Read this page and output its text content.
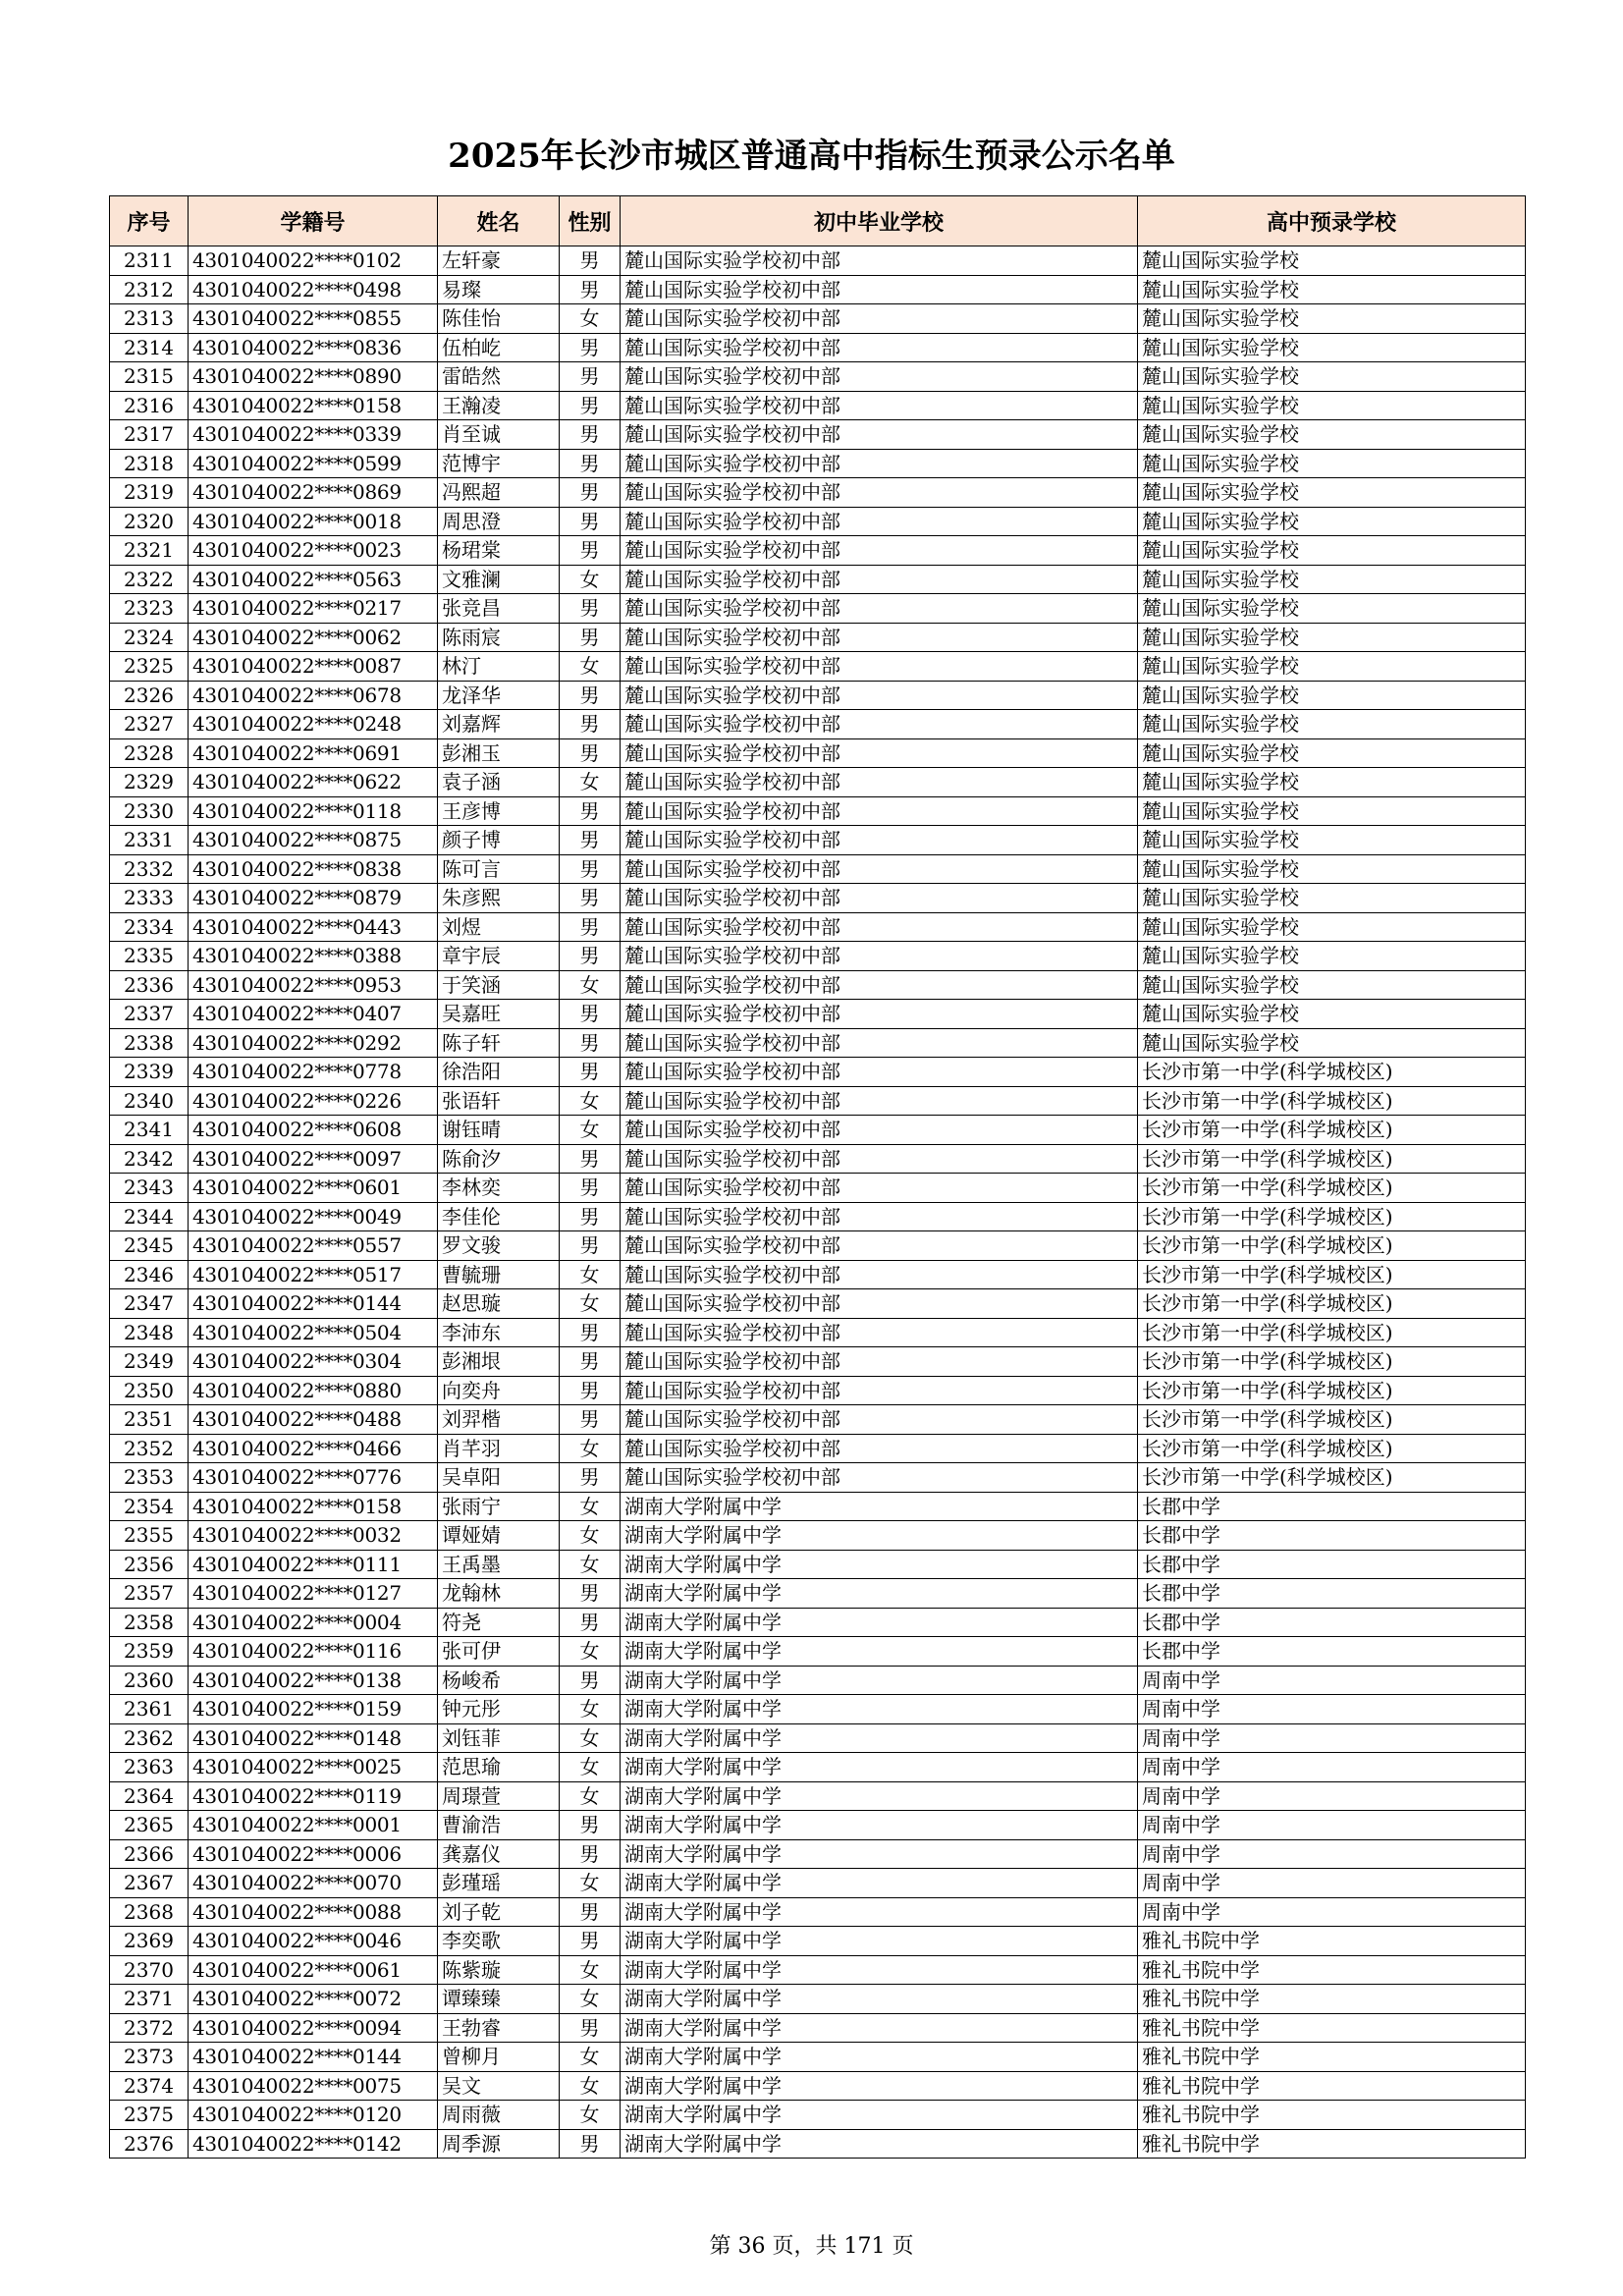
2025年长沙市城区普通高中指标生预录公示名单
序号	学籍号	姓名	性别	初中毕业学校	高中预录学校
2311	4301040022****0102	左轩豪	男	麓山国际实验学校初中部	麓山国际实验学校
2312	4301040022****0498	易璨	男	麓山国际实验学校初中部	麓山国际实验学校
2313	4301040022****0855	陈佳怡	女	麓山国际实验学校初中部	麓山国际实验学校
2314	4301040022****0836	伍柏屹	男	麓山国际实验学校初中部	麓山国际实验学校
2315	4301040022****0890	雷皓然	男	麓山国际实验学校初中部	麓山国际实验学校
2316	4301040022****0158	王瀚凌	男	麓山国际实验学校初中部	麓山国际实验学校
2317	4301040022****0339	肖至诚	男	麓山国际实验学校初中部	麓山国际实验学校
2318	4301040022****0599	范博宇	男	麓山国际实验学校初中部	麓山国际实验学校
2319	4301040022****0869	冯熙超	男	麓山国际实验学校初中部	麓山国际实验学校
2320	4301040022****0018	周思澄	男	麓山国际实验学校初中部	麓山国际实验学校
2321	4301040022****0023	杨珺棠	男	麓山国际实验学校初中部	麓山国际实验学校
2322	4301040022****0563	文雅澜	女	麓山国际实验学校初中部	麓山国际实验学校
2323	4301040022****0217	张竞昌	男	麓山国际实验学校初中部	麓山国际实验学校
2324	4301040022****0062	陈雨宸	男	麓山国际实验学校初中部	麓山国际实验学校
2325	4301040022****0087	林汀	女	麓山国际实验学校初中部	麓山国际实验学校
2326	4301040022****0678	龙泽华	男	麓山国际实验学校初中部	麓山国际实验学校
2327	4301040022****0248	刘嘉辉	男	麓山国际实验学校初中部	麓山国际实验学校
2328	4301040022****0691	彭湘玉	男	麓山国际实验学校初中部	麓山国际实验学校
2329	4301040022****0622	袁子涵	女	麓山国际实验学校初中部	麓山国际实验学校
2330	4301040022****0118	王彦博	男	麓山国际实验学校初中部	麓山国际实验学校
2331	4301040022****0875	颜子博	男	麓山国际实验学校初中部	麓山国际实验学校
2332	4301040022****0838	陈可言	男	麓山国际实验学校初中部	麓山国际实验学校
2333	4301040022****0879	朱彦熙	男	麓山国际实验学校初中部	麓山国际实验学校
2334	4301040022****0443	刘煜	男	麓山国际实验学校初中部	麓山国际实验学校
2335	4301040022****0388	章宇辰	男	麓山国际实验学校初中部	麓山国际实验学校
2336	4301040022****0953	于笑涵	女	麓山国际实验学校初中部	麓山国际实验学校
2337	4301040022****0407	吴嘉旺	男	麓山国际实验学校初中部	麓山国际实验学校
2338	4301040022****0292	陈子轩	男	麓山国际实验学校初中部	麓山国际实验学校
2339	4301040022****0778	徐浩阳	男	麓山国际实验学校初中部	长沙市第一中学(科学城校区)
2340	4301040022****0226	张语轩	女	麓山国际实验学校初中部	长沙市第一中学(科学城校区)
2341	4301040022****0608	谢钰晴	女	麓山国际实验学校初中部	长沙市第一中学(科学城校区)
2342	4301040022****0097	陈俞汐	男	麓山国际实验学校初中部	长沙市第一中学(科学城校区)
2343	4301040022****0601	李林奕	男	麓山国际实验学校初中部	长沙市第一中学(科学城校区)
2344	4301040022****0049	李佳伦	男	麓山国际实验学校初中部	长沙市第一中学(科学城校区)
2345	4301040022****0557	罗文骏	男	麓山国际实验学校初中部	长沙市第一中学(科学城校区)
2346	4301040022****0517	曹毓珊	女	麓山国际实验学校初中部	长沙市第一中学(科学城校区)
2347	4301040022****0144	赵思璇	女	麓山国际实验学校初中部	长沙市第一中学(科学城校区)
2348	4301040022****0504	李沛东	男	麓山国际实验学校初中部	长沙市第一中学(科学城校区)
2349	4301040022****0304	彭湘垠	男	麓山国际实验学校初中部	长沙市第一中学(科学城校区)
2350	4301040022****0880	向奕舟	男	麓山国际实验学校初中部	长沙市第一中学(科学城校区)
2351	4301040022****0488	刘羿楷	男	麓山国际实验学校初中部	长沙市第一中学(科学城校区)
2352	4301040022****0466	肖芊羽	女	麓山国际实验学校初中部	长沙市第一中学(科学城校区)
2353	4301040022****0776	吴卓阳	男	麓山国际实验学校初中部	长沙市第一中学(科学城校区)
2354	4301040022****0158	张雨宁	女	湖南大学附属中学	长郡中学
2355	4301040022****0032	谭娅婧	女	湖南大学附属中学	长郡中学
2356	4301040022****0111	王禹墨	女	湖南大学附属中学	长郡中学
2357	4301040022****0127	龙翰林	男	湖南大学附属中学	长郡中学
2358	4301040022****0004	符尧	男	湖南大学附属中学	长郡中学
2359	4301040022****0116	张可伊	女	湖南大学附属中学	长郡中学
2360	4301040022****0138	杨峻希	男	湖南大学附属中学	周南中学
2361	4301040022****0159	钟元彤	女	湖南大学附属中学	周南中学
2362	4301040022****0148	刘钰菲	女	湖南大学附属中学	周南中学
2363	4301040022****0025	范思瑜	女	湖南大学附属中学	周南中学
2364	4301040022****0119	周璟萱	女	湖南大学附属中学	周南中学
2365	4301040022****0001	曹渝浩	男	湖南大学附属中学	周南中学
2366	4301040022****0006	龚嘉仪	男	湖南大学附属中学	周南中学
2367	4301040022****0070	彭瑾瑶	女	湖南大学附属中学	周南中学
2368	4301040022****0088	刘子乾	男	湖南大学附属中学	周南中学
2369	4301040022****0046	李奕歌	男	湖南大学附属中学	雅礼书院中学
2370	4301040022****0061	陈紫璇	女	湖南大学附属中学	雅礼书院中学
2371	4301040022****0072	谭臻臻	女	湖南大学附属中学	雅礼书院中学
2372	4301040022****0094	王勃睿	男	湖南大学附属中学	雅礼书院中学
2373	4301040022****0144	曾柳月	女	湖南大学附属中学	雅礼书院中学
2374	4301040022****0075	吴文	女	湖南大学附属中学	雅礼书院中学
2375	4301040022****0120	周雨薇	女	湖南大学附属中学	雅礼书院中学
2376	4301040022****0142	周季源	男	湖南大学附属中学	雅礼书院中学
第 36 页，共 171 页
